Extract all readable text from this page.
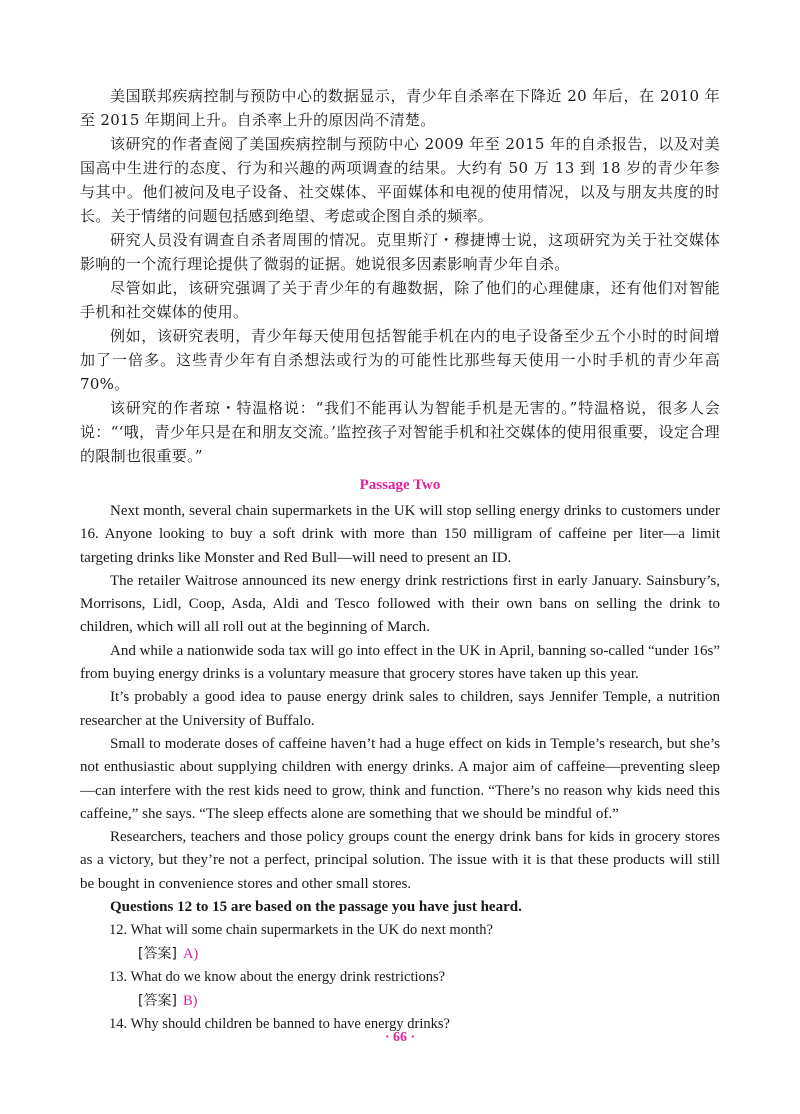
美国联邦疾病控制与预防中心的数据显示，青少年自杀率在下降近 20 年后，在 2010 年至 2015 年期间上升。自杀率上升的原因尚不清楚。

该研究的作者查阅了美国疾病控制与预防中心 2009 年至 2015 年的自杀报告，以及对美国高中生进行的态度、行为和兴趣的两项调查的结果。大约有 50 万 13 到 18 岁的青少年参与其中。他们被问及电子设备、社交媒体、平面媒体和电视的使用情况，以及与朋友共度的时长。关于情绪的问题包括感到绝望、考虑或企图自杀的频率。

研究人员没有调查自杀者周围的情况。克里斯汀・穆捷博士说，这项研究为关于社交媒体影响的一个流行理论提供了微弱的证据。她说很多因素影响青少年自杀。

尽管如此，该研究强调了关于青少年的有趣数据，除了他们的心理健康，还有他们对智能手机和社交媒体的使用。

例如，该研究表明，青少年每天使用包括智能手机在内的电子设备至少五个小时的时间增加了一倍多。这些青少年有自杀想法或行为的可能性比那些每天使用一小时手机的青少年高 70%。

该研究的作者琼・特温格说：“我们不能再认为智能手机是无害的。”特温格说，很多人会说：“‘哦，青少年只是在和朋友交流。’监控孩子对智能手机和社交媒体的使用很重要，设定合理的限制也很重要。”

Passage Two

Next month, several chain supermarkets in the UK will stop selling energy drinks to customers under 16. Anyone looking to buy a soft drink with more than 150 milligram of caffeine per liter—a limit targeting drinks like Monster and Red Bull—will need to present an ID.

The retailer Waitrose announced its new energy drink restrictions first in early January. Sainsbury’s, Morrisons, Lidl, Coop, Asda, Aldi and Tesco followed with their own bans on selling the drink to children, which will all roll out at the beginning of March.

And while a nationwide soda tax will go into effect in the UK in April, banning so-called “under 16s” from buying energy drinks is a voluntary measure that grocery stores have taken up this year.

It’s probably a good idea to pause energy drink sales to children, says Jennifer Temple, a nutrition researcher at the University of Buffalo.

Small to moderate doses of caffeine haven’t had a huge effect on kids in Temple’s research, but she’s not enthusiastic about supplying children with energy drinks. A major aim of caffeine—preventing sleep—can interfere with the rest kids need to grow, think and function. “There’s no reason why kids need this caffeine,” she says. “The sleep effects alone are something that we should be mindful of.”

Researchers, teachers and those policy groups count the energy drink bans for kids in grocery stores as a victory, but they’re not a perfect, principal solution. The issue with it is that these products will still be bought in convenience stores and other small stores.

Questions 12 to 15 are based on the passage you have just heard.

12. What will some chain supermarkets in the UK do next month?

[答案] A)

13. What do we know about the energy drink restrictions?

[答案] B)

14. Why should children be banned to have energy drinks?

· 66 ·
